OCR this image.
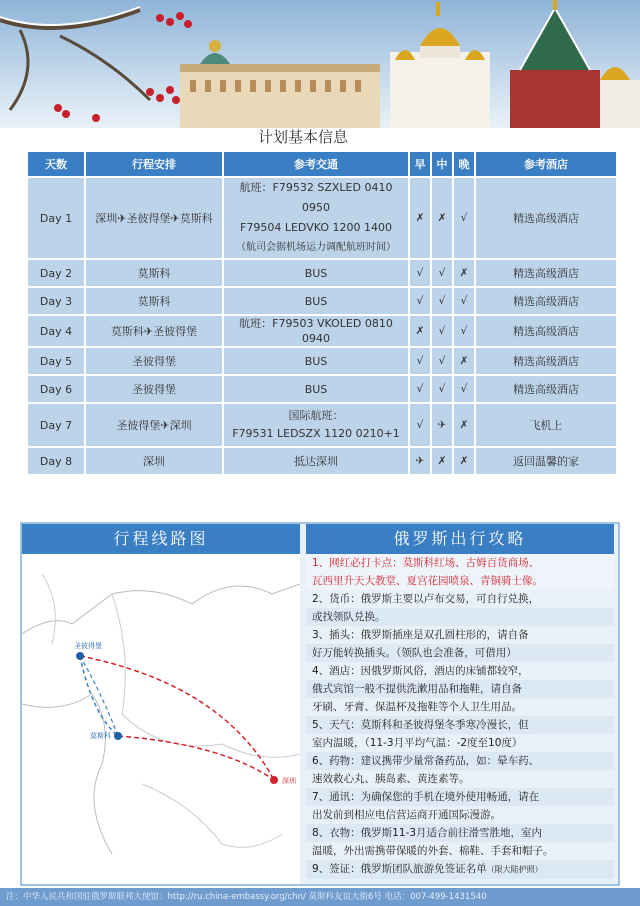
计划基本信息
天数	行程安排	参考交通	早	中	晚	参考酒店
Day 1	深圳✈圣彼得堡✈莫斯科	航班：F79532 SZXLED 0410 0950
F79504 LEDVKO 1200 1400
（航司会据机场运力调配航班时间）	✗	✗	√	精选高级酒店
Day 2	莫斯科	BUS	√	√	✗	精选高级酒店
Day 3	莫斯科	BUS	√	√	√	精选高级酒店
Day 4	莫斯科✈圣彼得堡	航班：F79503 VKOLED 0810 0940	✗	√	√	精选高级酒店
Day 5	圣彼得堡	BUS	√	√	✗	精选高级酒店
Day 6	圣彼得堡	BUS	√	√	√	精选高级酒店
Day 7	圣彼得堡✈深圳	国际航班：
F79531 LEDSZX 1120 0210+1	√	✈	✗	飞机上
Day 8	深圳	抵达深圳	✈	✗	✗	返回温馨的家
行程线路图
圣彼得堡
莫斯科
深圳
俄罗斯出行攻略
1、网红必打卡点：莫斯科红场、古姆百货商场、
瓦西里升天大教堂、夏宫花园喷泉、青铜骑士像。
2、货币：俄罗斯主要以卢布交易，可自行兑换，
或找领队兑换。
3、插头：俄罗斯插座是双孔圆柱形的，请自备
好万能转换插头。（领队也会准备，可借用）
4、酒店：因俄罗斯风俗，酒店的床铺都较窄，
俄式宾馆一般不提供洗漱用品和拖鞋，请自备
牙刷、牙膏、保温杯及拖鞋等个人卫生用品。
5、天气：莫斯科和圣彼得堡冬季寒冷漫长，但
室内温暖，（11-3月平均气温：-2度至10度）
6、药物：建议携带少量常备药品，如：晕车药、
速效救心丸、胰岛素、黄连素等。
7、通讯：为确保您的手机在境外使用畅通，请在
出发前到相应电信营运商开通国际漫游。
8、衣物：俄罗斯11-3月适合前往滑雪胜地，室内
温暖，外出需携带保暖的外套、棉鞋、手套和帽子。
9、签证：俄罗斯团队旅游免签证名单（限大陆护照）
注：中华人民共和国驻俄罗斯联邦大使馆：http://ru.china-embassy.org/chn/ 莫斯科友谊大街6号 电话：007-499-1431540
